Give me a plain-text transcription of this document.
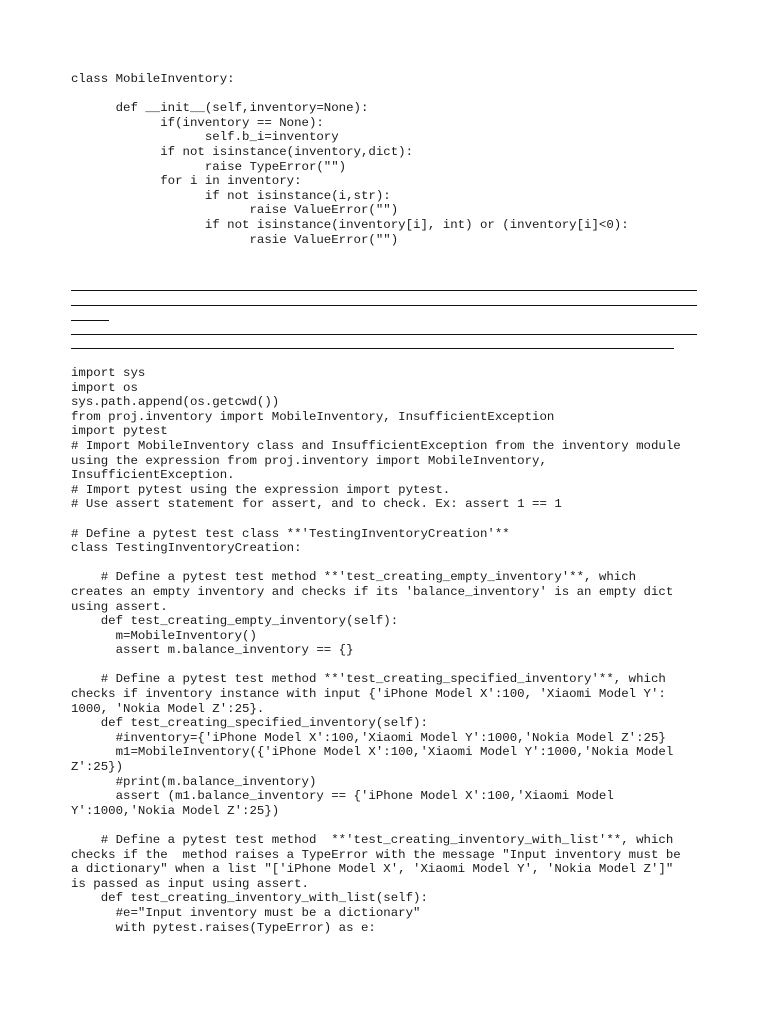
class MobileInventory:
def __init__(self,inventory=None):
if(inventory == None):
self.b_i=inventory
if not isinstance(inventory,dict):
raise TypeError("")
for i in inventory:
if not isinstance(i,str):
raise ValueError("")
if not isinstance(inventory[i], int) or (inventory[i]<0):
rasie ValueError("")
import sys
import os
sys.path.append(os.getcwd())
from proj.inventory import MobileInventory, InsufficientException
import pytest
# Import MobileInventory class and InsufficientException from the inventory module
using the expression from proj.inventory import MobileInventory,
InsufficientException.
# Import pytest using the expression import pytest.
# Use assert statement for assert, and to check. Ex: assert 1 == 1
# Define a pytest test class **'TestingInventoryCreation'**
class TestingInventoryCreation:
# Define a pytest test method **'test_creating_empty_inventory'**, which
creates an empty inventory and checks if its 'balance_inventory' is an empty dict
using assert.
def test_creating_empty_inventory(self):
m=MobileInventory()
assert m.balance_inventory == {}
# Define a pytest test method **'test_creating_specified_inventory'**, which
checks if inventory instance with input {'iPhone Model X':100, 'Xiaomi Model Y':
1000, 'Nokia Model Z':25}.
def test_creating_specified_inventory(self):
#inventory={'iPhone Model X':100,'Xiaomi Model Y':1000,'Nokia Model Z':25}
m1=MobileInventory({'iPhone Model X':100,'Xiaomi Model Y':1000,'Nokia Model
Z':25})
#print(m.balance_inventory)
assert (m1.balance_inventory == {'iPhone Model X':100,'Xiaomi Model
Y':1000,'Nokia Model Z':25})
# Define a pytest test method  **'test_creating_inventory_with_list'**, which
checks if the  method raises a TypeError with the message "Input inventory must be
a dictionary" when a list "['iPhone Model X', 'Xiaomi Model Y', 'Nokia Model Z']"
is passed as input using assert.
def test_creating_inventory_with_list(self):
#e="Input inventory must be a dictionary"
with pytest.raises(TypeError) as e:
